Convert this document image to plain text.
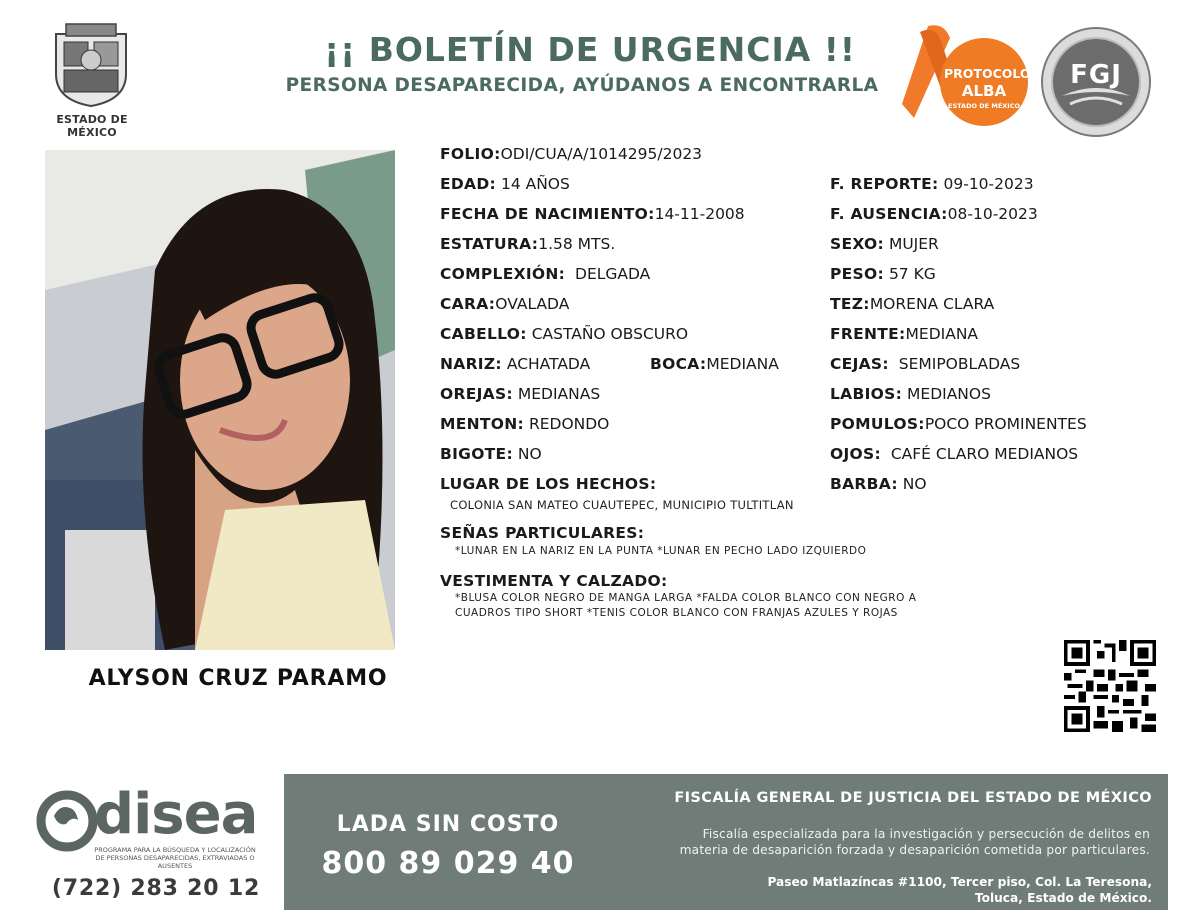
ESTADO DE MÉXICO
¡¡ BOLETÍN DE URGENCIA !!
PERSONA DESAPARECIDA, AYÚDANOS A ENCONTRARLA
PROTOCOLO
ALBA
ESTADO DE MÉXICO
FGJ
ALYSON CRUZ PARAMO
FOLIO:ODI/CUA/A/1014295/2023
EDAD: 14 AÑOS	F. REPORTE: 09-10-2023
FECHA DE NACIMIENTO:14-11-2008	F. AUSENCIA:08-10-2023
ESTATURA:1.58 MTS.	SEXO: MUJER
COMPLEXIÓN: DELGADA	PESO: 57 KG
CARA:OVALADA	TEZ:MORENA CLARA
CABELLO: CASTAÑO OBSCURO	FRENTE:MEDIANA
NARIZ: ACHATADA	BOCA:MEDIANA	CEJAS: SEMIPOBLADAS
OREJAS: MEDIANAS	LABIOS: MEDIANOS
MENTON: REDONDO	POMULOS:POCO PROMINENTES
BIGOTE: NO	OJOS: CAFÉ CLARO MEDIANOS
LUGAR DE LOS HECHOS:	BARBA: NO
COLONIA SAN MATEO CUAUTEPEC, MUNICIPIO TULTITLAN
SEÑAS PARTICULARES:
*LUNAR EN LA NARIZ EN LA PUNTA *LUNAR EN PECHO LADO IZQUIERDO
VESTIMENTA Y CALZADO:
*BLUSA COLOR NEGRO DE MANGA LARGA *FALDA COLOR BLANCO CON NEGRO A
CUADROS TIPO SHORT *TENIS COLOR BLANCO CON FRANJAS AZULES Y ROJAS
disea
PROGRAMA PARA LA BÚSQUEDA Y LOCALIZACIÓN
DE PERSONAS DESAPARECIDAS, EXTRAVIADAS O
AUSENTES
(722) 283 20 12
LADA SIN COSTO
800 89 029 40
FISCALÍA GENERAL DE JUSTICIA DEL ESTADO DE MÉXICO
Fiscalía especializada para la investigación y persecución de delitos en
materia de desaparición forzada y desaparición cometida por particulares.
Paseo Matlazíncas #1100, Tercer piso, Col. La Teresona,
Toluca, Estado de México.
